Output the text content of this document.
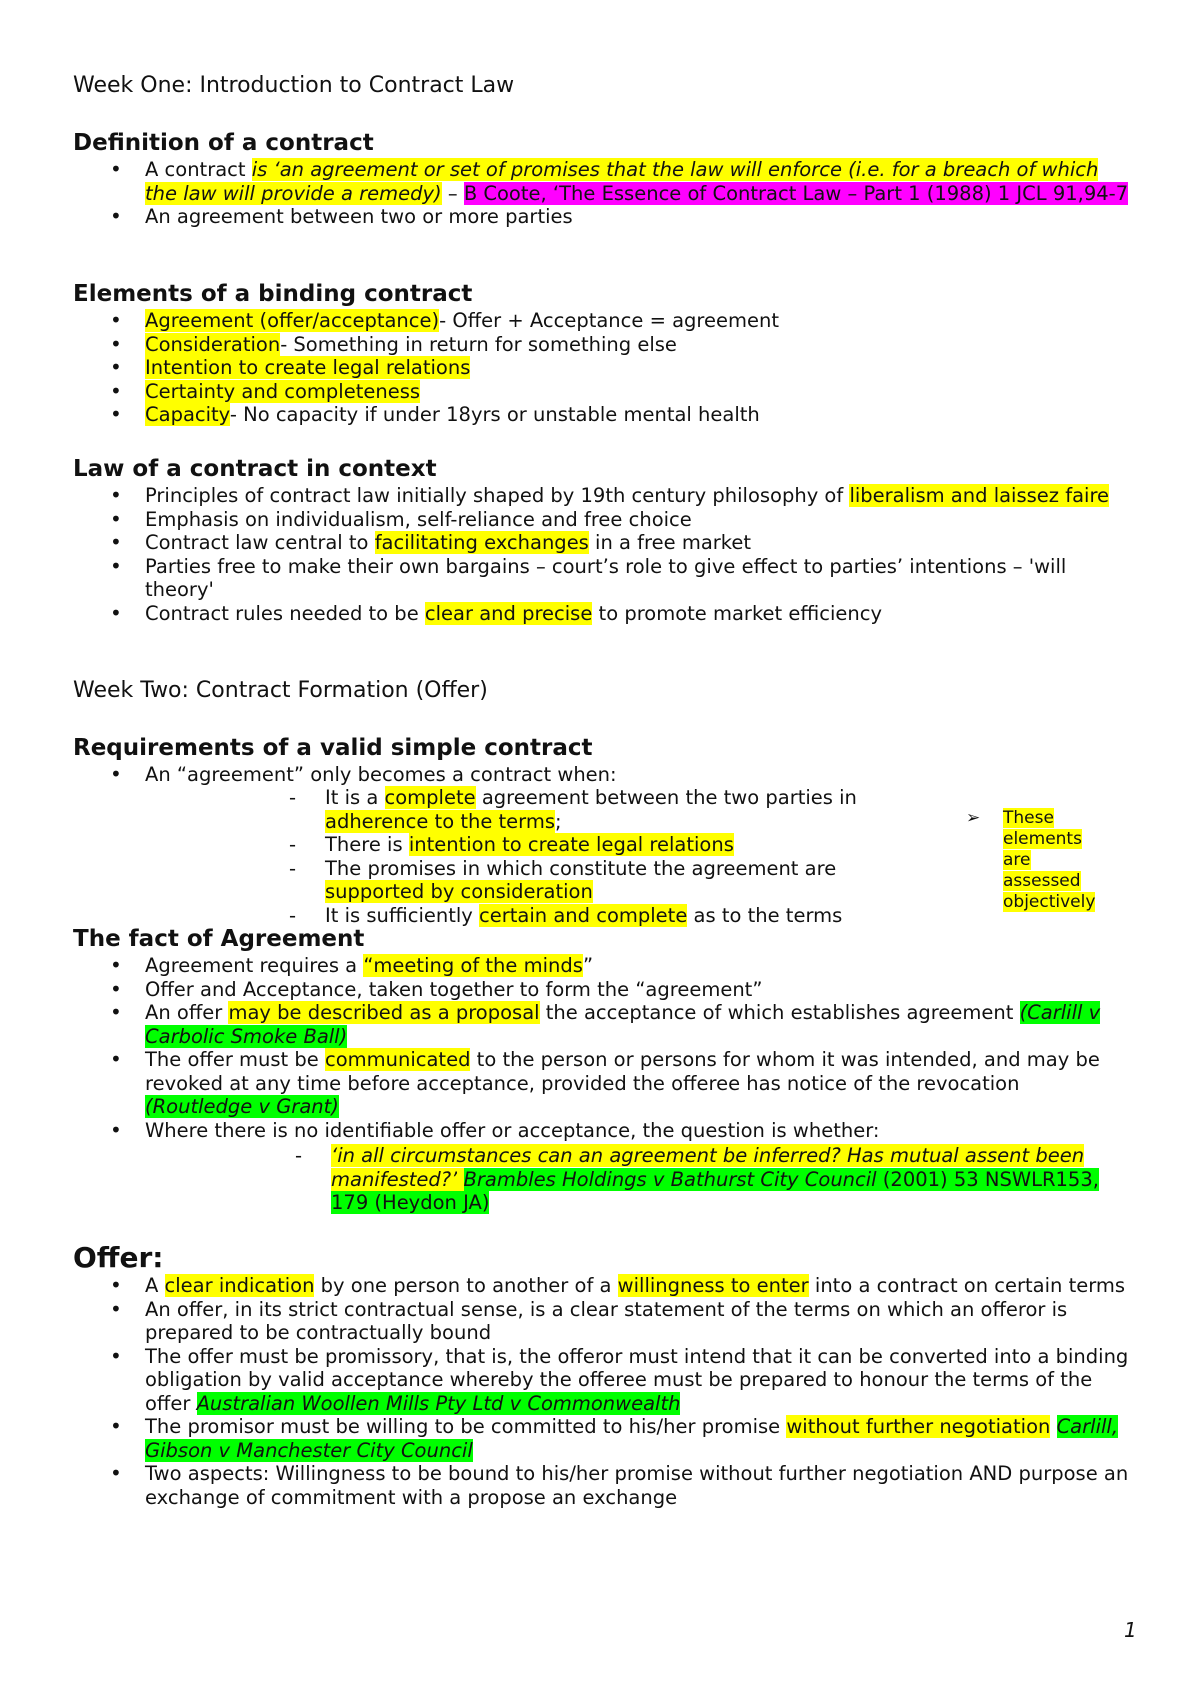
Week One: Introduction to Contract Law
Definition of a contract
• A contract is ‘an agreement or set of promises that the law will enforce (i.e. for a breach of which the law will provide a remedy) – B Coote, ‘The Essence of Contract Law – Part 1 (1988) 1 JCL 91,94-7
• An agreement between two or more parties
Elements of a binding contract
• Agreement (offer/acceptance)- Offer + Acceptance = agreement
• Consideration- Something in return for something else
• Intention to create legal relations
• Certainty and completeness
• Capacity- No capacity if under 18yrs or unstable mental health
Law of a contract in context
• Principles of contract law initially shaped by 19th century philosophy of liberalism and laissez faire
• Emphasis on individualism, self-reliance and free choice
• Contract law central to facilitating exchanges in a free market
• Parties free to make their own bargains – court’s role to give effect to parties’ intentions – 'will theory'
• Contract rules needed to be clear and precise to promote market efficiency
Week Two: Contract Formation (Offer)
Requirements of a valid simple contract
• An “agreement” only becomes a contract when:
- It is a complete agreement between the two parties in adherence to the terms;
- There is intention to create legal relations
- The promises in which constitute the agreement are supported by consideration
- It is sufficiently certain and complete as to the terms
➢ These elements are assessed objectively
The fact of Agreement
• Agreement requires a “meeting of the minds”
• Offer and Acceptance, taken together to form the “agreement”
• An offer may be described as a proposal the acceptance of which establishes agreement (Carlill v Carbolic Smoke Ball)
• The offer must be communicated to the person or persons for whom it was intended, and may be revoked at any time before acceptance, provided the offeree has notice of the revocation (Routledge v Grant)
• Where there is no identifiable offer or acceptance, the question is whether:
- ‘in all circumstances can an agreement be inferred? Has mutual assent been manifested?’ Brambles Holdings v Bathurst City Council (2001) 53 NSWLR153, 179 (Heydon JA)
Offer:
• A clear indication by one person to another of a willingness to enter into a contract on certain terms
• An offer, in its strict contractual sense, is a clear statement of the terms on which an offeror is prepared to be contractually bound
• The offer must be promissory, that is, the offeror must intend that it can be converted into a binding obligation by valid acceptance whereby the offeree must be prepared to honour the terms of the offer Australian Woollen Mills Pty Ltd v Commonwealth
• The promisor must be willing to be committed to his/her promise without further negotiation Carlill, Gibson v Manchester City Council
• Two aspects: Willingness to be bound to his/her promise without further negotiation AND purpose an exchange of commitment with a propose an exchange
1
